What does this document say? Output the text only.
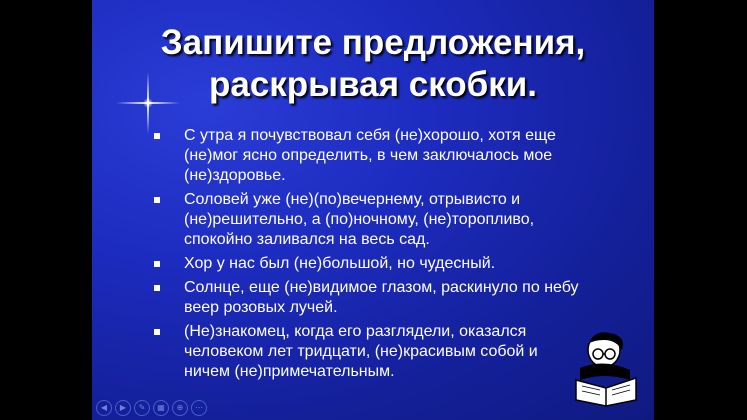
Запишите предложения,
раскрывая скобки.
С утра я почувствовал себя (не)хорошо, хотя еще
(не)мог ясно определить, в чем заключалось мое
(не)здоровье.
Соловей уже (не)(по)вечернему, отрывисто и
(не)решительно, а (по)ночному, (не)торопливо,
спокойно заливался на весь сад.
Хор у нас был (не)большой, но чудесный.
Солнце, еще (не)видимое глазом, раскинуло по небу
веер розовых лучей.
(Не)знакомец, когда его разглядели, оказался
человеком лет тридцати, (не)красивым собой и
ничем (не)примечательным.
◀	▶	✎	▦	⊕	⋯
